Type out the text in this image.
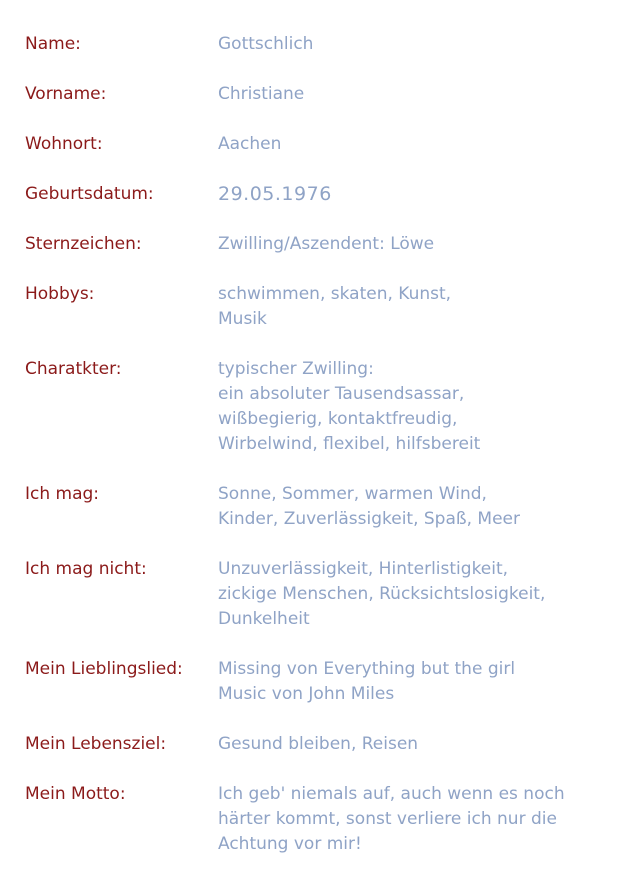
Name:	Gottschlich
Vorname:	Christiane
Wohnort:	Aachen
Geburtsdatum:	29.05.1976
Sternzeichen:	Zwilling/Aszendent: Löwe
Hobbys:	schwimmen, skaten, Kunst,
Musik
Charatkter:	typischer Zwilling:
ein absoluter Tausendsassar,
wißbegierig, kontaktfreudig,
Wirbelwind, flexibel, hilfsbereit
Ich mag:	Sonne, Sommer, warmen Wind,
Kinder, Zuverlässigkeit, Spaß, Meer
Ich mag nicht:	Unzuverlässigkeit, Hinterlistigkeit,
zickige Menschen, Rücksichtslosigkeit,
Dunkelheit
Mein Lieblingslied:	Missing von Everything but the girl
Music von John Miles
Mein Lebensziel:	Gesund bleiben, Reisen
Mein Motto:	Ich geb' niemals auf, auch wenn es noch
härter kommt, sonst verliere ich nur die
Achtung vor mir!
